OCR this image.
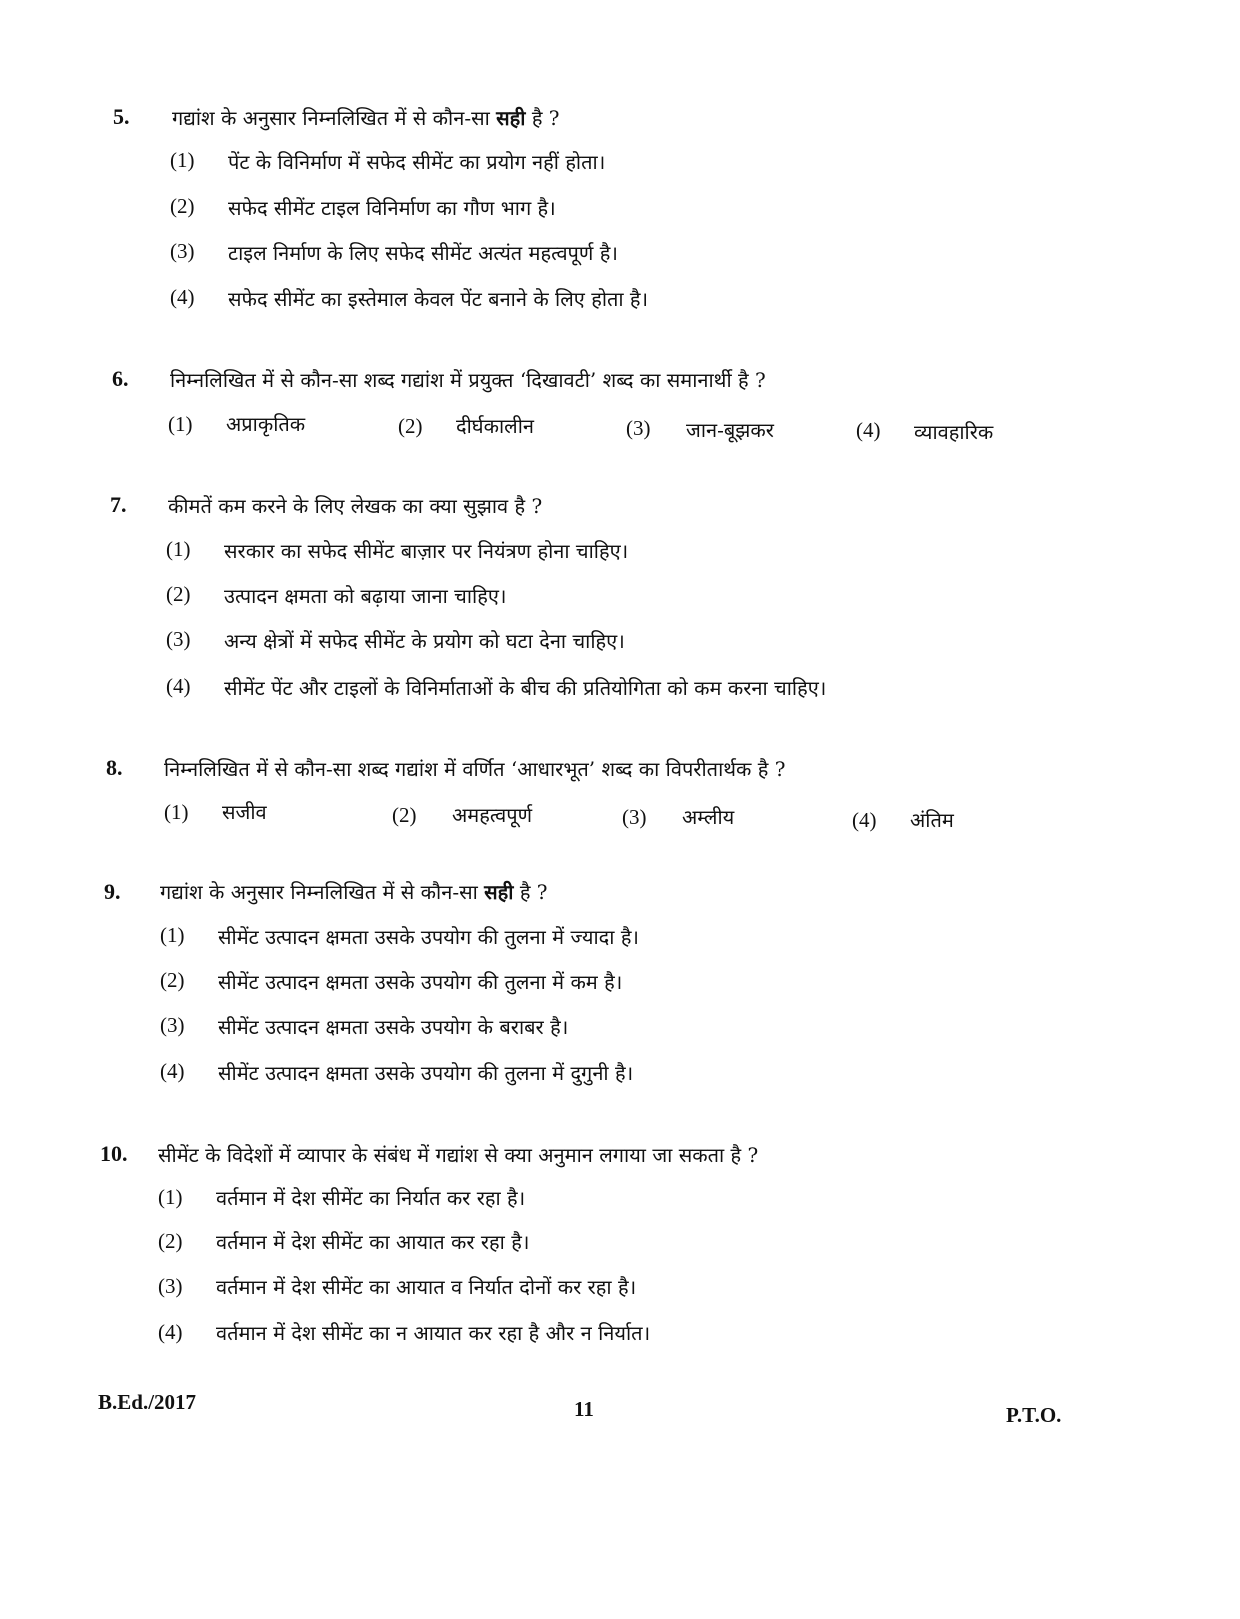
5. गद्यांश के अनुसार निम्नलिखित में से कौन-सा सही है ?
(1) पेंट के विनिर्माण में सफेद सीमेंट का प्रयोग नहीं होता।
(2) सफेद सीमेंट टाइल विनिर्माण का गौण भाग है।
(3) टाइल निर्माण के लिए सफेद सीमेंट अत्यंत महत्वपूर्ण है।
(4) सफेद सीमेंट का इस्तेमाल केवल पेंट बनाने के लिए होता है।
6. निम्नलिखित में से कौन-सा शब्द गद्यांश में प्रयुक्त ‘दिखावटी’ शब्द का समानार्थी है ?
(1) अप्राकृतिक	(2) दीर्घकालीन	(3) जान-बूझकर	(4) व्यावहारिक
7. कीमतें कम करने के लिए लेखक का क्या सुझाव है ?
(1) सरकार का सफेद सीमेंट बाज़ार पर नियंत्रण होना चाहिए।
(2) उत्पादन क्षमता को बढ़ाया जाना चाहिए।
(3) अन्य क्षेत्रों में सफेद सीमेंट के प्रयोग को घटा देना चाहिए।
(4) सीमेंट पेंट और टाइलों के विनिर्माताओं के बीच की प्रतियोगिता को कम करना चाहिए।
8. निम्नलिखित में से कौन-सा शब्द गद्यांश में वर्णित ‘आधारभूत’ शब्द का विपरीतार्थक है ?
(1) सजीव	(2) अमहत्वपूर्ण	(3) अम्लीय	(4) अंतिम
9. गद्यांश के अनुसार निम्नलिखित में से कौन-सा सही है ?
(1) सीमेंट उत्पादन क्षमता उसके उपयोग की तुलना में ज्यादा है।
(2) सीमेंट उत्पादन क्षमता उसके उपयोग की तुलना में कम है।
(3) सीमेंट उत्पादन क्षमता उसके उपयोग के बराबर है।
(4) सीमेंट उत्पादन क्षमता उसके उपयोग की तुलना में दुगुनी है।
10. सीमेंट के विदेशों में व्यापार के संबंध में गद्यांश से क्या अनुमान लगाया जा सकता है ?
(1) वर्तमान में देश सीमेंट का निर्यात कर रहा है।
(2) वर्तमान में देश सीमेंट का आयात कर रहा है।
(3) वर्तमान में देश सीमेंट का आयात व निर्यात दोनों कर रहा है।
(4) वर्तमान में देश सीमेंट का न आयात कर रहा है और न निर्यात।
B.Ed./2017	11	P.T.O.
